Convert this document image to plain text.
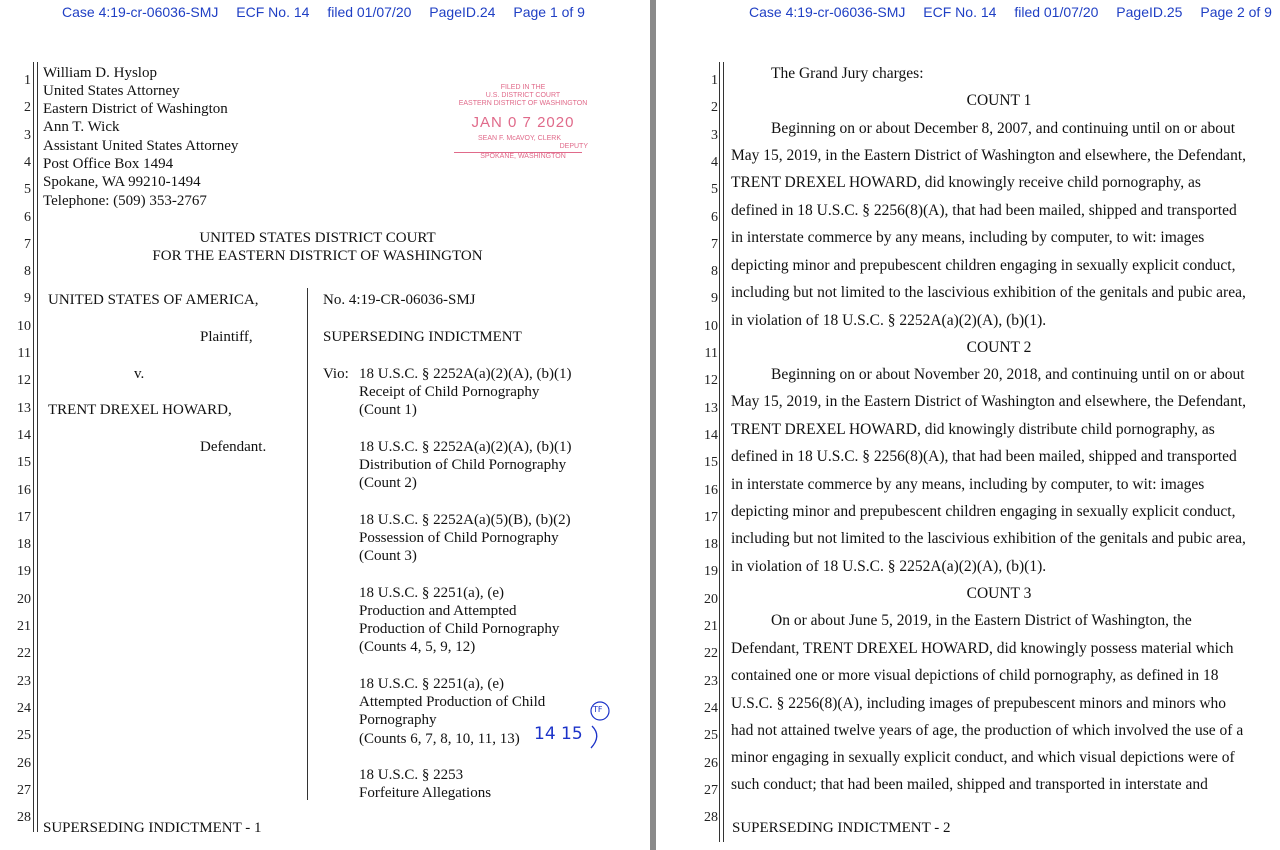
Case 4:19-cr-06036-SMJ ECF No. 14 filed 01/07/20 PageID.24 Page 1 of 9
1
2
3
4
5
6
7
8
9
10
11
12
13
14
15
16
17
18
19
20
21
22
23
24
25
26
27
28
William D. Hyslop
United States Attorney
Eastern District of Washington
Ann T. Wick
Assistant United States Attorney
Post Office Box 1494
Spokane, WA 99210-1494
Telephone: (509) 353-2767
FILED IN THE
U.S. DISTRICT COURT
EASTERN DISTRICT OF WASHINGTON
JAN 0 7 2020
SEAN F. McAVOY, CLERK
DEPUTY
SPOKANE, WASHINGTON
UNITED STATES DISTRICT COURT
FOR THE EASTERN DISTRICT OF WASHINGTON
UNITED STATES OF AMERICA,
Plaintiff,
v.
TRENT DREXEL HOWARD,
Defendant.
No. 4:19-CR-06036-SMJ
SUPERSEDING INDICTMENT
Vio: 18 U.S.C. § 2252A(a)(2)(A), (b)(1)
Receipt of Child Pornography
(Count 1)
18 U.S.C. § 2252A(a)(2)(A), (b)(1)
Distribution of Child Pornography
(Count 2)
18 U.S.C. § 2252A(a)(5)(B), (b)(2)
Possession of Child Pornography
(Count 3)
18 U.S.C. § 2251(a), (e)
Production and Attempted
Production of Child Pornography
(Counts 4, 5, 9, 12)
18 U.S.C. § 2251(a), (e)
Attempted Production of Child
Pornography
(Counts 6, 7, 8, 10, 11, 13)
18 U.S.C. § 2253
Forfeiture Allegations
14 15
TF
SUPERSEDING INDICTMENT - 1
Case 4:19-cr-06036-SMJ ECF No. 14 filed 01/07/20 PageID.25 Page 2 of 9
1
2
3
4
5
6
7
8
9
10
11
12
13
14
15
16
17
18
19
20
21
22
23
24
25
26
27
28
The Grand Jury charges:
COUNT 1
Beginning on or about December 8, 2007, and continuing until on or about
May 15, 2019, in the Eastern District of Washington and elsewhere, the Defendant,
TRENT DREXEL HOWARD, did knowingly receive child pornography, as
defined in 18 U.S.C. § 2256(8)(A), that had been mailed, shipped and transported
in interstate commerce by any means, including by computer, to wit: images
depicting minor and prepubescent children engaging in sexually explicit conduct,
including but not limited to the lascivious exhibition of the genitals and pubic area,
in violation of 18 U.S.C. § 2252A(a)(2)(A), (b)(1).
COUNT 2
Beginning on or about November 20, 2018, and continuing until on or about
May 15, 2019, in the Eastern District of Washington and elsewhere, the Defendant,
TRENT DREXEL HOWARD, did knowingly distribute child pornography, as
defined in 18 U.S.C. § 2256(8)(A), that had been mailed, shipped and transported
in interstate commerce by any means, including by computer, to wit: images
depicting minor and prepubescent children engaging in sexually explicit conduct,
including but not limited to the lascivious exhibition of the genitals and pubic area,
in violation of 18 U.S.C. § 2252A(a)(2)(A), (b)(1).
COUNT 3
On or about June 5, 2019, in the Eastern District of Washington, the
Defendant, TRENT DREXEL HOWARD, did knowingly possess material which
contained one or more visual depictions of child pornography, as defined in 18
U.S.C. § 2256(8)(A), including images of prepubescent minors and minors who
had not attained twelve years of age, the production of which involved the use of a
minor engaging in sexually explicit conduct, and which visual depictions were of
such conduct; that had been mailed, shipped and transported in interstate and
SUPERSEDING INDICTMENT - 2
